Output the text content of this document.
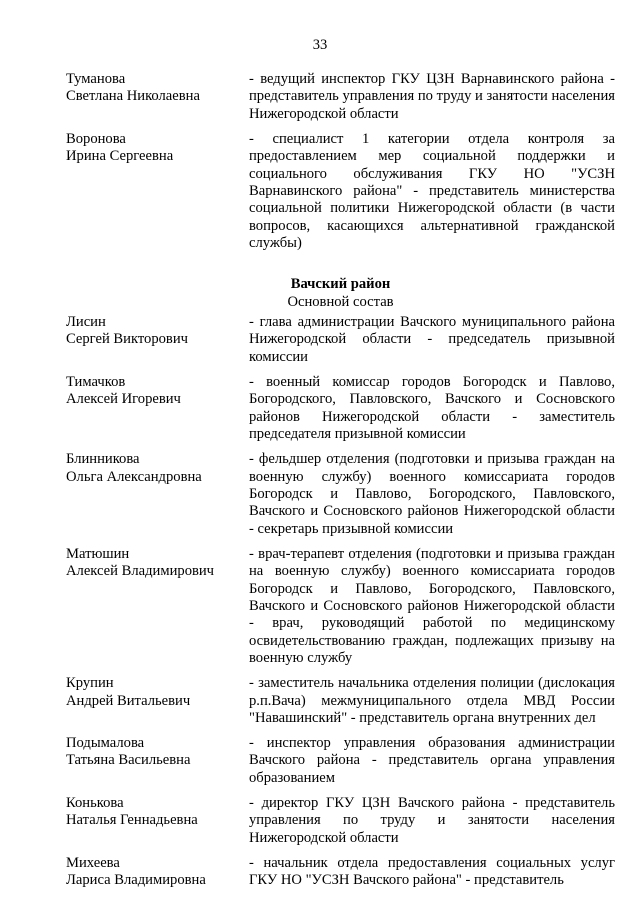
33
Туманова
Светлана Николаевна
- ведущий инспектор ГКУ ЦЗН Варнавинского района - представитель управления по труду и занятости населения Нижегородской области
Воронова
Ирина Сергеевна
- специалист 1 категории отдела контроля за предоставлением мер социальной поддержки и социального обслуживания ГКУ НО "УСЗН Варнавинского района" - представитель министерства социальной политики Нижегородской области (в части вопросов, касающихся альтернативной гражданской службы)
Вачский район
Основной состав
Лисин
Сергей Викторович
- глава администрации Вачского муниципального района Нижегородской области - председатель призывной комиссии
Тимачков
Алексей Игоревич
- военный комиссар городов Богородск и Павлово, Богородского, Павловского, Вачского и Сосновского районов Нижегородской области - заместитель председателя призывной комиссии
Блинникова
Ольга Александровна
- фельдшер отделения (подготовки и призыва граждан на военную службу) военного комиссариата городов Богородск и Павлово, Богородского, Павловского, Вачского и Сосновского районов Нижегородской области - секретарь призывной комиссии
Матюшин
Алексей Владимирович
- врач-терапевт отделения (подготовки и призыва граждан на военную службу) военного комиссариата городов Богородск и Павлово, Богородского, Павловского, Вачского и Сосновского районов Нижегородской области - врач, руководящий работой по медицинскому освидетельствованию граждан, подлежащих призыву на военную службу
Крупин
Андрей Витальевич
- заместитель начальника отделения полиции (дислокация р.п.Вача) межмуниципального отдела МВД России "Навашинский" - представитель органа внутренних дел
Подымалова
Татьяна Васильевна
- инспектор управления образования администрации Вачского района - представитель органа управления образованием
Конькова
Наталья Геннадьевна
- директор ГКУ ЦЗН Вачского района - представитель управления по труду и занятости населения Нижегородской области
Михеева
Лариса Владимировна
- начальник отдела предоставления социальных услуг ГКУ НО "УСЗН Вачского района" - представитель
